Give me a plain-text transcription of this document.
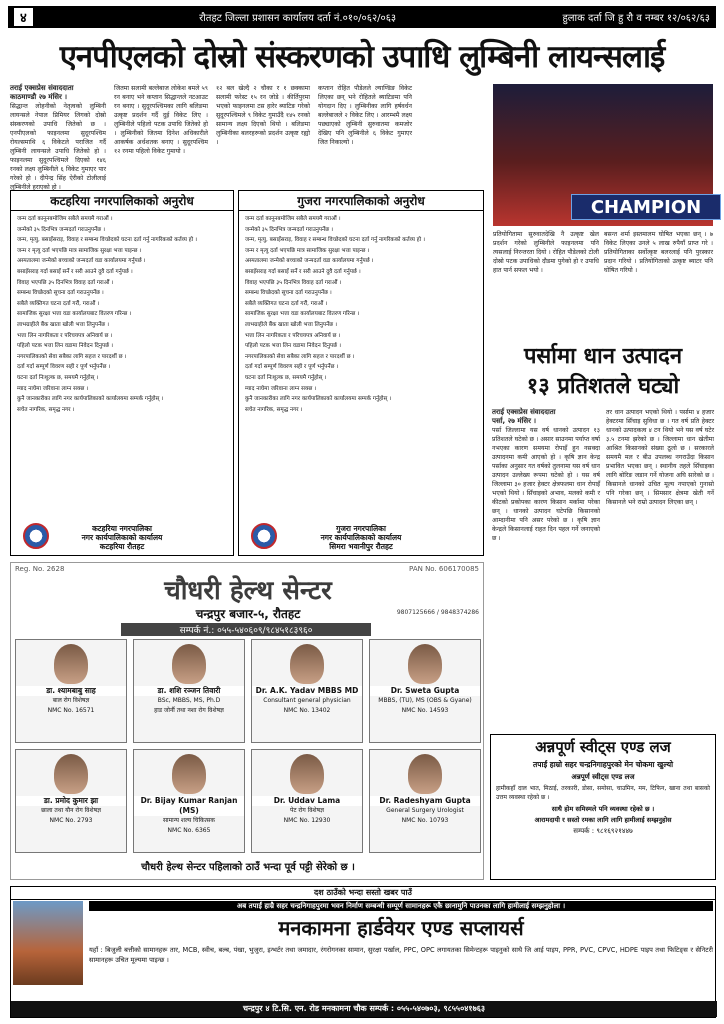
४	रौतहट जिल्ला प्रशासन कार्यालय दर्ता नं.०१०/०६२/०६३	हुलाक दर्ता जि हु रौ व नम्बर १२/०६२/६३
एनपीएलको दोस्रो संस्करणको उपाधि लुम्बिनी लायन्सलाई
तराई एक्सप्रेस संवाददाता
काठमाण्डौ २७ मंसिर ।
सिद्धान्त लोहनीको नेतृत्वको लुम्बिनी लायन्सले नेपाल प्रिमियर लिगको दोस्रो संस्करणको उपाधि जितेको छ । एनपीएलको फाइनलमा सुदूरपश्चिम रोयल्समाथि ६ विकेटले पराजित गर्दै लुम्बिनी लायन्सले उपाधि जितेको हो । फाइनलमा सुदूरपश्चिमले दिएको १४६ रनको लक्ष्य लुम्बिनीले ६ विकेट गुमाएर पार गरेको हो । दीपेन्द्र सिंह ऐरीको टोलीलाई लुम्बिनीले हराएको हो ।
जितमा सलामी बल्लेबाज लोकेश बमले ५९ रन बनाए भने कप्तान सिद्धान्तले नटआउट रन बनाए । सुदूरपश्चिमका लागि बलिङमा उत्कृष्ट प्रदर्शन गर्दै दुई विकेट लिए । लुम्बिनीले पहिलो पटक उपाधि जितेको हो । लुम्बिनीको जितमा दिनेश अधिकारीले आकर्षक अर्धशतक बनाए । सुदूरपश्चिम १२ रनमा पहिलो विकेट गुमायो ।
१२ बल खेल्दै २ चौका र १ छक्कामा सलामी फरेस्ट १५ रन जोडे । कीर्तिपुरमा भएको फाइनलमा टस हारेर ब्याटिङ गरेको सुदूरपश्चिमले ९ विकेट गुमाउँदै १४५ रनको सामान्य लक्ष्य दिएको थियो । बलिङमा लुम्बिनीका बलरहरूको प्रदर्शन उत्कृष्ट रह्यो ।
कप्तान रोहित पौडेलले ल्याण्डिङ विकेट लिएका छन् भने रोहितले ब्याटिङमा पनि योगदान दिए । लुम्बिनीका लागि हर्षवर्धन बल्लेबाजले २ विकेट लिए । आरम्भमै लक्ष्य पछ्याएको लुम्बिनी सुरुवातमा कमजोर देखिए पनि लुम्बिनीले ६ विकेट गुमाएर जित निकाल्यो ।
CHAMPION
प्रतियोगितामा सुरुवातदेखि नै उत्कृष्ट खेल प्रदर्शन गरेको लुम्बिनीले फाइनलमा पनि त्यसलाई निरन्तरता दियो । रोहित पौडेलको टोली दोस्रो पटक उपाधिको दौडमा पुगेको हो र उपाधि हात पार्न सफल भयो ।
बसन्त शर्मा इस्तमालम घोषित भएका छन् । ७ विकेट लिएका उनले ५ लाख रुपैयाँ प्राप्त गरे । प्रतियोगिताका सर्वोत्कृष्ट बलरलाई पनि पुरस्कार प्रदान गरियो । प्रतियोगिताको उत्कृष्ट ब्याटर पनि घोषित गरियो ।
कटहरिया नगरपालिकाको अनुरोध
जन्म दर्ता कानूनबमोजिम सबैले समयमै गराऔं ।
जन्मेको ३५ दिनभित्र जन्मदर्ता गराउनुपर्नेछ ।
जन्म, मृत्यु, बसाइँसराइ, विवाह र सम्बन्ध विच्छेदको घटना दर्ता गर्नु नागरिकको कर्तव्य हो ।
जन्म र मृत्यु दर्ता भएपछि मात्र सामाजिक सुरक्षा भत्ता पाइन्छ ।
अस्पतालमा जन्मेको बच्चाको जन्मदर्ता वडा कार्यालयमा गर्नुपर्छ ।
बसाइँसराइ गर्दा बसाइँ सर्ने र सरी आउने दुवै दर्ता गर्नुपर्छ ।
विवाह भएपछि ३५ दिनभित्र विवाह दर्ता गराऔं ।
सम्बन्ध विच्छेदको सूचना दर्ता गराउनुपर्नेछ ।
सबैले व्यक्तिगत घटना दर्ता गरौं, गराऔं ।
सामाजिक सुरक्षा भत्ता वडा कार्यालयबाट वितरण गरिन्छ ।
लाभग्राहीले बैंक खाता खोली भत्ता लिनुपर्नेछ ।
भत्ता लिन नागरिकता र परिचयपत्र अनिवार्य छ ।
पहिलो पटक भत्ता लिन वडामा निवेदन दिनुपर्छ ।
नगरपालिकाको सेवा सबैका लागि सहज र पारदर्शी छ ।
दर्ता गर्दा सम्पूर्ण विवरण सही र पूर्ण भर्नुपर्नेछ ।
घटना दर्ता निःशुल्क छ, समयमै गर्नुहोस् ।
म्याद नाघेमा जरिवाना लाग्न सक्छ ।
कुनै जानकारीका लागि नगर कार्यपालिकाको कार्यालयमा सम्पर्क गर्नुहोस् ।
सचेत नागरिक, समृद्ध नगर ।
कटहरिया नगरपालिका
नगर कार्यपालिकाको कार्यालय
कटहरिया रौतहट
गुजरा नगरपालिकाको अनुरोध
जन्म दर्ता कानूनबमोजिम सबैले समयमै गराऔं ।
जन्मेको ३५ दिनभित्र जन्मदर्ता गराउनुपर्नेछ ।
जन्म, मृत्यु, बसाइँसराइ, विवाह र सम्बन्ध विच्छेदको घटना दर्ता गर्नु नागरिकको कर्तव्य हो ।
जन्म र मृत्यु दर्ता भएपछि मात्र सामाजिक सुरक्षा भत्ता पाइन्छ ।
अस्पतालमा जन्मेको बच्चाको जन्मदर्ता वडा कार्यालयमा गर्नुपर्छ ।
बसाइँसराइ गर्दा बसाइँ सर्ने र सरी आउने दुवै दर्ता गर्नुपर्छ ।
विवाह भएपछि ३५ दिनभित्र विवाह दर्ता गराऔं ।
सम्बन्ध विच्छेदको सूचना दर्ता गराउनुपर्नेछ ।
सबैले व्यक्तिगत घटना दर्ता गरौं, गराऔं ।
सामाजिक सुरक्षा भत्ता वडा कार्यालयबाट वितरण गरिन्छ ।
लाभग्राहीले बैंक खाता खोली भत्ता लिनुपर्नेछ ।
भत्ता लिन नागरिकता र परिचयपत्र अनिवार्य छ ।
पहिलो पटक भत्ता लिन वडामा निवेदन दिनुपर्छ ।
नगरपालिकाको सेवा सबैका लागि सहज र पारदर्शी छ ।
दर्ता गर्दा सम्पूर्ण विवरण सही र पूर्ण भर्नुपर्नेछ ।
घटना दर्ता निःशुल्क छ, समयमै गर्नुहोस् ।
म्याद नाघेमा जरिवाना लाग्न सक्छ ।
कुनै जानकारीका लागि नगर कार्यपालिकाको कार्यालयमा सम्पर्क गर्नुहोस् ।
सचेत नागरिक, समृद्ध नगर ।
गुजरा नगरपालिका
नगर कार्यपालिकाको कार्यालय
सिमरा भवानीपुर रौतहट
पर्सामा धान उत्पादन
१३ प्रतिशतले घट्यो
तराई एक्सप्रेस संवाददाता
पर्सा, २७ मंसिर ।
पर्सा जिल्लामा यस वर्ष धानको उत्पादन १३ प्रतिशतले घटेको छ । असार साउनमा पर्याप्त वर्षा नभएका कारण समयमा रोपाइँ हुन नसक्दा उत्पादनमा कमी आएको हो । कृषि ज्ञान केन्द्र पर्साका अनुसार गत वर्षको तुलनामा यस वर्ष धान उत्पादन उल्लेख्य रूपमा घटेको हो । यस वर्ष जिल्लामा ३० हजार हेक्टर क्षेत्रफलमा धान रोपाइँ भएको थियो । सिँचाइको अभाव, मलको कमी र कीटको प्रकोपका कारण किसान मर्कामा परेका छन् । धानको उत्पादन घटेपछि किसानको आम्दानीमा पनि असर परेको छ । कृषि ज्ञान केन्द्रले किसानलाई राहत दिन पहल गर्ने जनाएको छ ।
तर धान उत्पादन भएको थियो । पर्सामा ४ हजार हेक्टरमा सिँचाइ सुविधा छ । गत वर्ष प्रति हेक्टर धानको उत्पादकत्व ४ टन थियो भने यस वर्ष घटेर ३.५ टनमा झरेको छ । जिल्लामा धान खेतीमा आश्रित किसानको संख्या ठूलो छ । सरकारले समयमै मल र बीउ उपलब्ध नगराउँदा किसान प्रभावित भएका छन् । स्थानीय तहले सिँचाइका लागि बोरिङ जडान गर्ने योजना अघि सारेको छ । किसानले धानको उचित मूल्य नपाएको गुनासो पनि गरेका छन् । सिमसार क्षेत्रमा खेती गर्ने किसानले भने राम्रो उत्पादन लिएका छन् ।
Reg. No. 2628	PAN No. 606170085
चौधरी हेल्थ सेन्टर
चन्द्रपुर बजार-५, रौतहट
सम्पर्क नं.: ०५५-५४०६०९/९८४५१८३९६०
9807125666 / 9848374286
डा. श्यामबाबु साह
बाल रोग विशेषज्ञ
NMC No. 16571
डा. शशि रञ्जन तिवारी
BSc, MBBS, MS, Ph.D
हाड जोर्नी तथा नशा रोग विशेषज्ञ
Dr. A.K. Yadav MBBS MD
Consultant general physician
NMC No. 13402
Dr. Sweta Gupta
MBBS, (TU), MS (OBS & Gyane)
NMC No. 14593
डा. प्रमोद कुमार झा
छाला तथा यौन रोग विशेषज्ञ
NMC No. 2793
Dr. Bijay Kumar Ranjan (MS)
सामान्य शल्य चिकित्सक
NMC No. 6365
Dr. Uddav Lama
पेट रोग विशेषज्ञ
NMC No. 12930
Dr. Radeshyam Gupta
General Surgery Urologist
NMC No. 10793
चौधरी हेल्थ सेन्टर पहिलाको ठाउँ भन्दा पूर्व पट्टी सेरेको छ ।
अन्नपूर्ण स्वीट्स एण्ड लज
तपाईं हाम्रो सहर चन्द्रनिगाहपुरको मेन चोकमा खुल्यो
अन्नपूर्ण स्वीट्स एण्ड लज
हामीकहाँ दाल भात, मिठाई, तरकारी, डोसा, समोसा, चाउमिन, मम, टिफिन, खाना तथा बासको उत्तम व्यवस्था रहेको छ ।
साथै होम समिस्मले पनि व्यवस्था रहेको छ ।
आरामदायी र सस्तो रमका लागि लागि हामीलाई सम्झनुहोस
सम्पर्क : ९८१६९२१४४७
दश ठाउँको भन्दा सस्तो खबर पाउँ
अब तपाईं हाम्रै सहर चन्द्रनिगाहपुरमा भवन निर्माण सम्बन्धी सम्पूर्ण सामानहरू एकै छानामुनि पाउनका लागि हामीलाई सम्झनुहोला ।
मनकामना हार्डवेयर एण्ड सप्लायर्स
यहाँ : बिजुली बत्तीको सामानहरू तार, MCB, स्वीच, बल्ब, पंखा, भुजुरा, इन्भर्टर तथा जमादार, रंगरोगनका सामान, सुरक्षा पर्खाल, PPC, OPC लगायतका सिमेन्टहरू पाइनुको साथै जि आई पाइप, PPR, PVC, CPVC, HDPE पाइप तथा फिटिङ्स र सेनिटरी सामानहरू उचित मूल्यमा पाइन्छ ।
चन्द्रपुर ४ टि.सि. एन. रोड मनकामना चौक सम्पर्क : ०५५-५४०७०३, ९८५५०४१७६३
